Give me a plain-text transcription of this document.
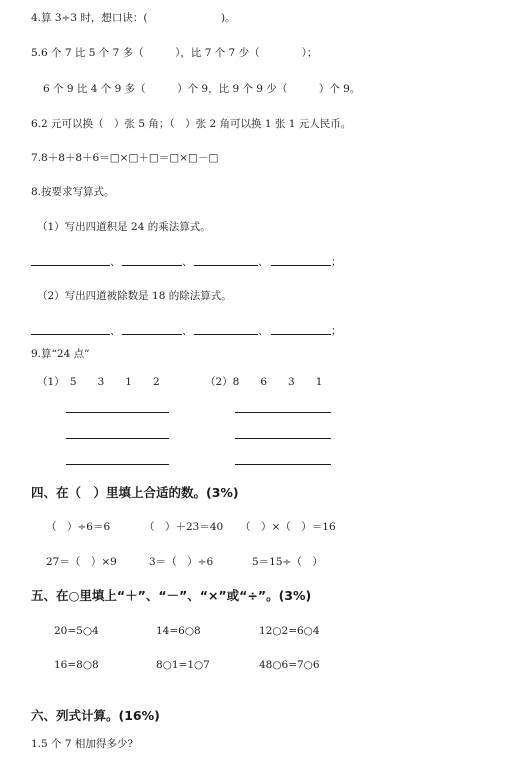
4.算 3÷3 时，想口诀：(　　　　　　　)。
5.6 个 7 比 5 个 7 多（　　　），比 7 个 7 少（　　　　）；
6 个 9 比 4 个 9 多（　　　）个 9，比 9 个 9 少（　　　）个 9。
6.2 元可以换（　）张 5 角；（　）张 2 角可以换 1 张 1 元人民币。
7.8＋8＋8＋6＝□×□＋□＝□×□－□
8.按要求写算式。
（1）写出四道积是 24 的乘法算式。
、	、	、	；
（2）写出四道被除数是 18 的除法算式。
、	、	、	；
9.算“24 点”
（1）　5　　3　　1　　2	（2）8　　6　　3　　1
四、在（　）里填上合适的数。(3%)
（　）÷6＝6	（　）＋23＝40 （　）×（　）＝16
27＝（　）×9	3＝（　）÷6	5＝15÷（　）
五、在○里填上“＋”、“－”、“×”或“÷”。(3%)
20=5○4	14=6○8	12○2=6○4
16=8○8	8○1=1○7	48○6=7○6
六、列式计算。(16%)
1.5 个 7 相加得多少?
